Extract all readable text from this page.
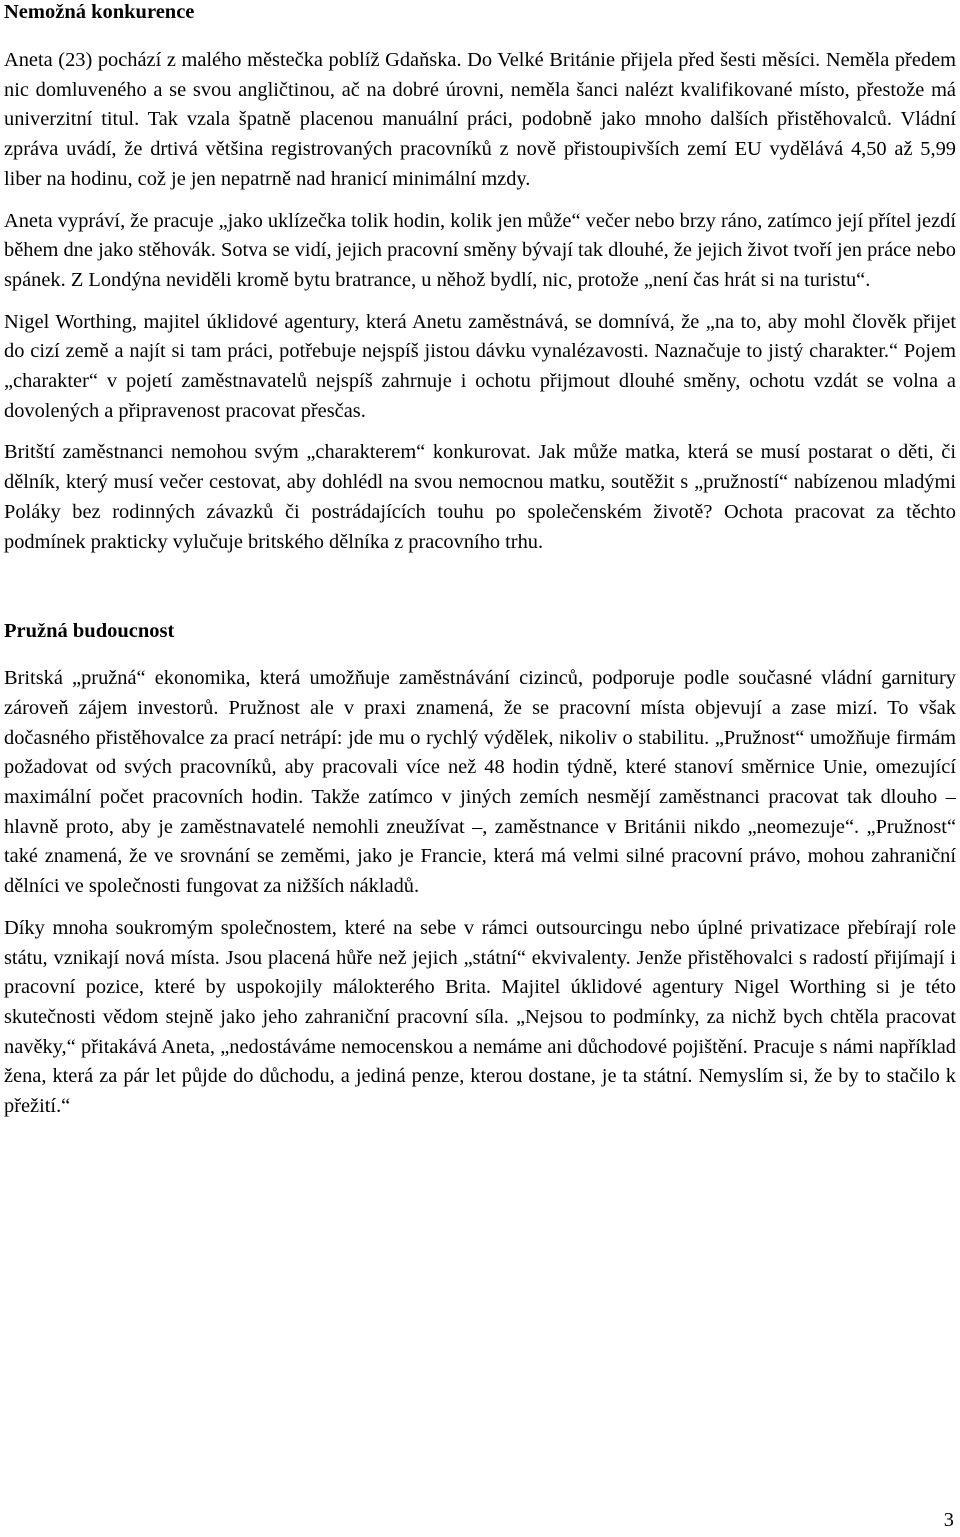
Nemožná konkurence

Aneta (23) pochází z malého městečka poblíž Gdaňska. Do Velké Británie přijela před šesti měsíci. Neměla předem nic domluveného a se svou angličtinou, ač na dobré úrovni, neměla šanci nalézt kvalifikované místo, přestože má univerzitní titul. Tak vzala špatně placenou manuální práci, podobně jako mnoho dalších přistěhovalců. Vládní zpráva uvádí, že drtivá většina registrovaných pracovníků z nově přistoupivších zemí EU vydělává 4,50 až 5,99 liber na hodinu, což je jen nepatrně nad hranicí minimální mzdy.

Aneta vypráví, že pracuje „jako uklízečka tolik hodin, kolik jen může“ večer nebo brzy ráno, zatímco její přítel jezdí během dne jako stěhovák. Sotva se vidí, jejich pracovní směny bývají tak dlouhé, že jejich život tvoří jen práce nebo spánek. Z Londýna neviděli kromě bytu bratrance, u něhož bydlí, nic, protože „není čas hrát si na turistu“.

Nigel Worthing, majitel úklidové agentury, která Anetu zaměstnává, se domnívá, že „na to, aby mohl člověk přijet do cizí země a najít si tam práci, potřebuje nejspíš jistou dávku vynalézavosti. Naznačuje to jistý charakter.“ Pojem „charakter“ v pojetí zaměstnavatelů nejspíš zahrnuje i ochotu přijmout dlouhé směny, ochotu vzdát se volna a dovolených a připravenost pracovat přesčas.

Britští zaměstnanci nemohou svým „charakterem“ konkurovat. Jak může matka, která se musí postarat o děti, či dělník, který musí večer cestovat, aby dohlédl na svou nemocnou matku, soutěžit s „pružností“ nabízenou mladými Poláky bez rodinných závazků či postrádajících touhu po společenském životě? Ochota pracovat za těchto podmínek prakticky vylučuje britského dělníka z pracovního trhu.

Pružná budoucnost

Britská „pružná“ ekonomika, která umožňuje zaměstnávání cizinců, podporuje podle současné vládní garnitury zároveň zájem investorů. Pružnost ale v praxi znamená, že se pracovní místa objevují a zase mizí. To však dočasného přistěhovalce za prací netrápí: jde mu o rychlý výdělek, nikoliv o stabilitu. „Pružnost“ umožňuje firmám požadovat od svých pracovníků, aby pracovali více než 48 hodin týdně, které stanoví směrnice Unie, omezující maximální počet pracovních hodin. Takže zatímco v jiných zemích nesmějí zaměstnanci pracovat tak dlouho – hlavně proto, aby je zaměstnavatelé nemohli zneužívat –, zaměstnance v Británii nikdo „neomezuje“. „Pružnost“ také znamená, že ve srovnání se zeměmi, jako je Francie, která má velmi silné pracovní právo, mohou zahraniční dělníci ve společnosti fungovat za nižších nákladů.

Díky mnoha soukromým společnostem, které na sebe v rámci outsourcingu nebo úplné privatizace přebírají role státu, vznikají nová místa. Jsou placená hůře než jejich „státní“ ekvivalenty. Jenže přistěhovalci s radostí přijímají i pracovní pozice, které by uspokojily málokterého Brita. Majitel úklidové agentury Nigel Worthing si je této skutečnosti vědom stejně jako jeho zahraniční pracovní síla. „Nejsou to podmínky, za nichž bych chtěla pracovat navěky,“ přitakává Aneta, „nedostáváme nemocenskou a nemáme ani důchodové pojištění. Pracuje s námi například žena, která za pár let půjde do důchodu, a jediná penze, kterou dostane, je ta státní. Nemyslím si, že by to stačilo k přežití.“

3
